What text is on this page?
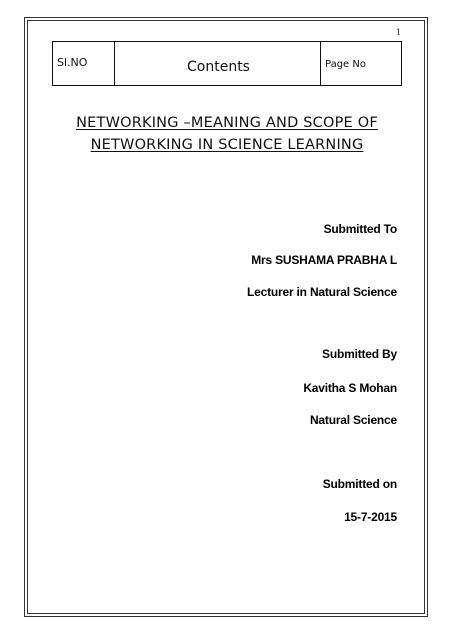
1
Sl.NO	Contents	Page No
NETWORKING –MEANING AND SCOPE OF
NETWORKING IN SCIENCE LEARNING
Submitted To
Mrs SUSHAMA PRABHA L
Lecturer in Natural Science
Submitted By
Kavitha S Mohan
Natural Science
Submitted on
15-7-2015
